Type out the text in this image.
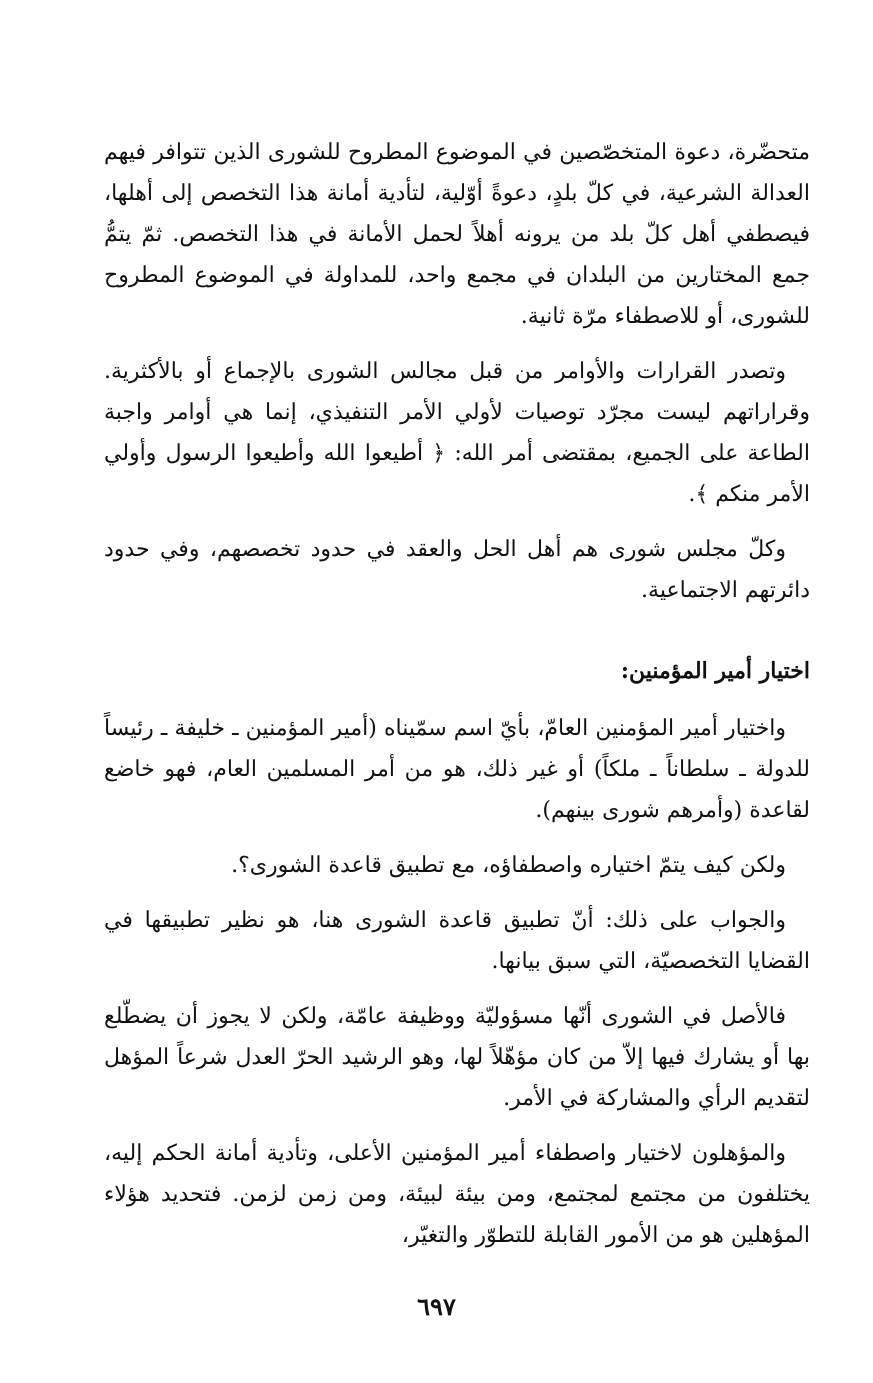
متحضّرة، دعوة المتخصّصين في الموضوع المطروح للشورى الذين تتوافر فيهم العدالة الشرعية، في كلّ بلدٍ، دعوةً أوّلية، لتأدية أمانة هذا التخصص إلى أهلها، فيصطفي أهل كلّ بلد من يرونه أهلاً لحمل الأمانة في هذا التخصص. ثمّ يتمُّ جمع المختارين من البلدان في مجمع واحد، للمداولة في الموضوع المطروح للشورى، أو للاصطفاء مرّة ثانية.

وتصدر القرارات والأوامر من قبل مجالس الشورى بالإجماع أو بالأكثرية. وقراراتهم ليست مجرّد توصيات لأولي الأمر التنفيذي، إنما هي أوامر واجبة الطاعة على الجميع، بمقتضى أمر الله: ﴿ أطيعوا الله وأطيعوا الرسول وأولي الأمر منكم ﴾.

وكلّ مجلس شورى هم أهل الحل والعقد في حدود تخصصهم، وفي حدود دائرتهم الاجتماعية.

اختيار أمير المؤمنين:

واختيار أمير المؤمنين العامّ، بأيّ اسم سمّيناه (أمير المؤمنين ـ خليفة ـ رئيساً للدولة ـ سلطاناً ـ ملكاً) أو غير ذلك، هو من أمر المسلمين العام، فهو خاضع لقاعدة (وأمرهم شورى بينهم).

ولكن كيف يتمّ اختياره واصطفاؤه، مع تطبيق قاعدة الشورى؟.

والجواب على ذلك: أنّ تطبيق قاعدة الشورى هنا، هو نظير تطبيقها في القضايا التخصصيّة، التي سبق بيانها.

فالأصل في الشورى أنّها مسؤوليّة ووظيفة عامّة، ولكن لا يجوز أن يضطّلع بها أو يشارك فيها إلاّ من كان مؤهّلاً لها، وهو الرشيد الحرّ العدل شرعاً المؤهل لتقديم الرأي والمشاركة في الأمر.

والمؤهلون لاختيار واصطفاء أمير المؤمنين الأعلى، وتأدية أمانة الحكم إليه، يختلفون من مجتمع لمجتمع، ومن بيئة لبيئة، ومن زمن لزمن. فتحديد هؤلاء المؤهلين هو من الأمور القابلة للتطوّر والتغيّر،

٦٩٧
